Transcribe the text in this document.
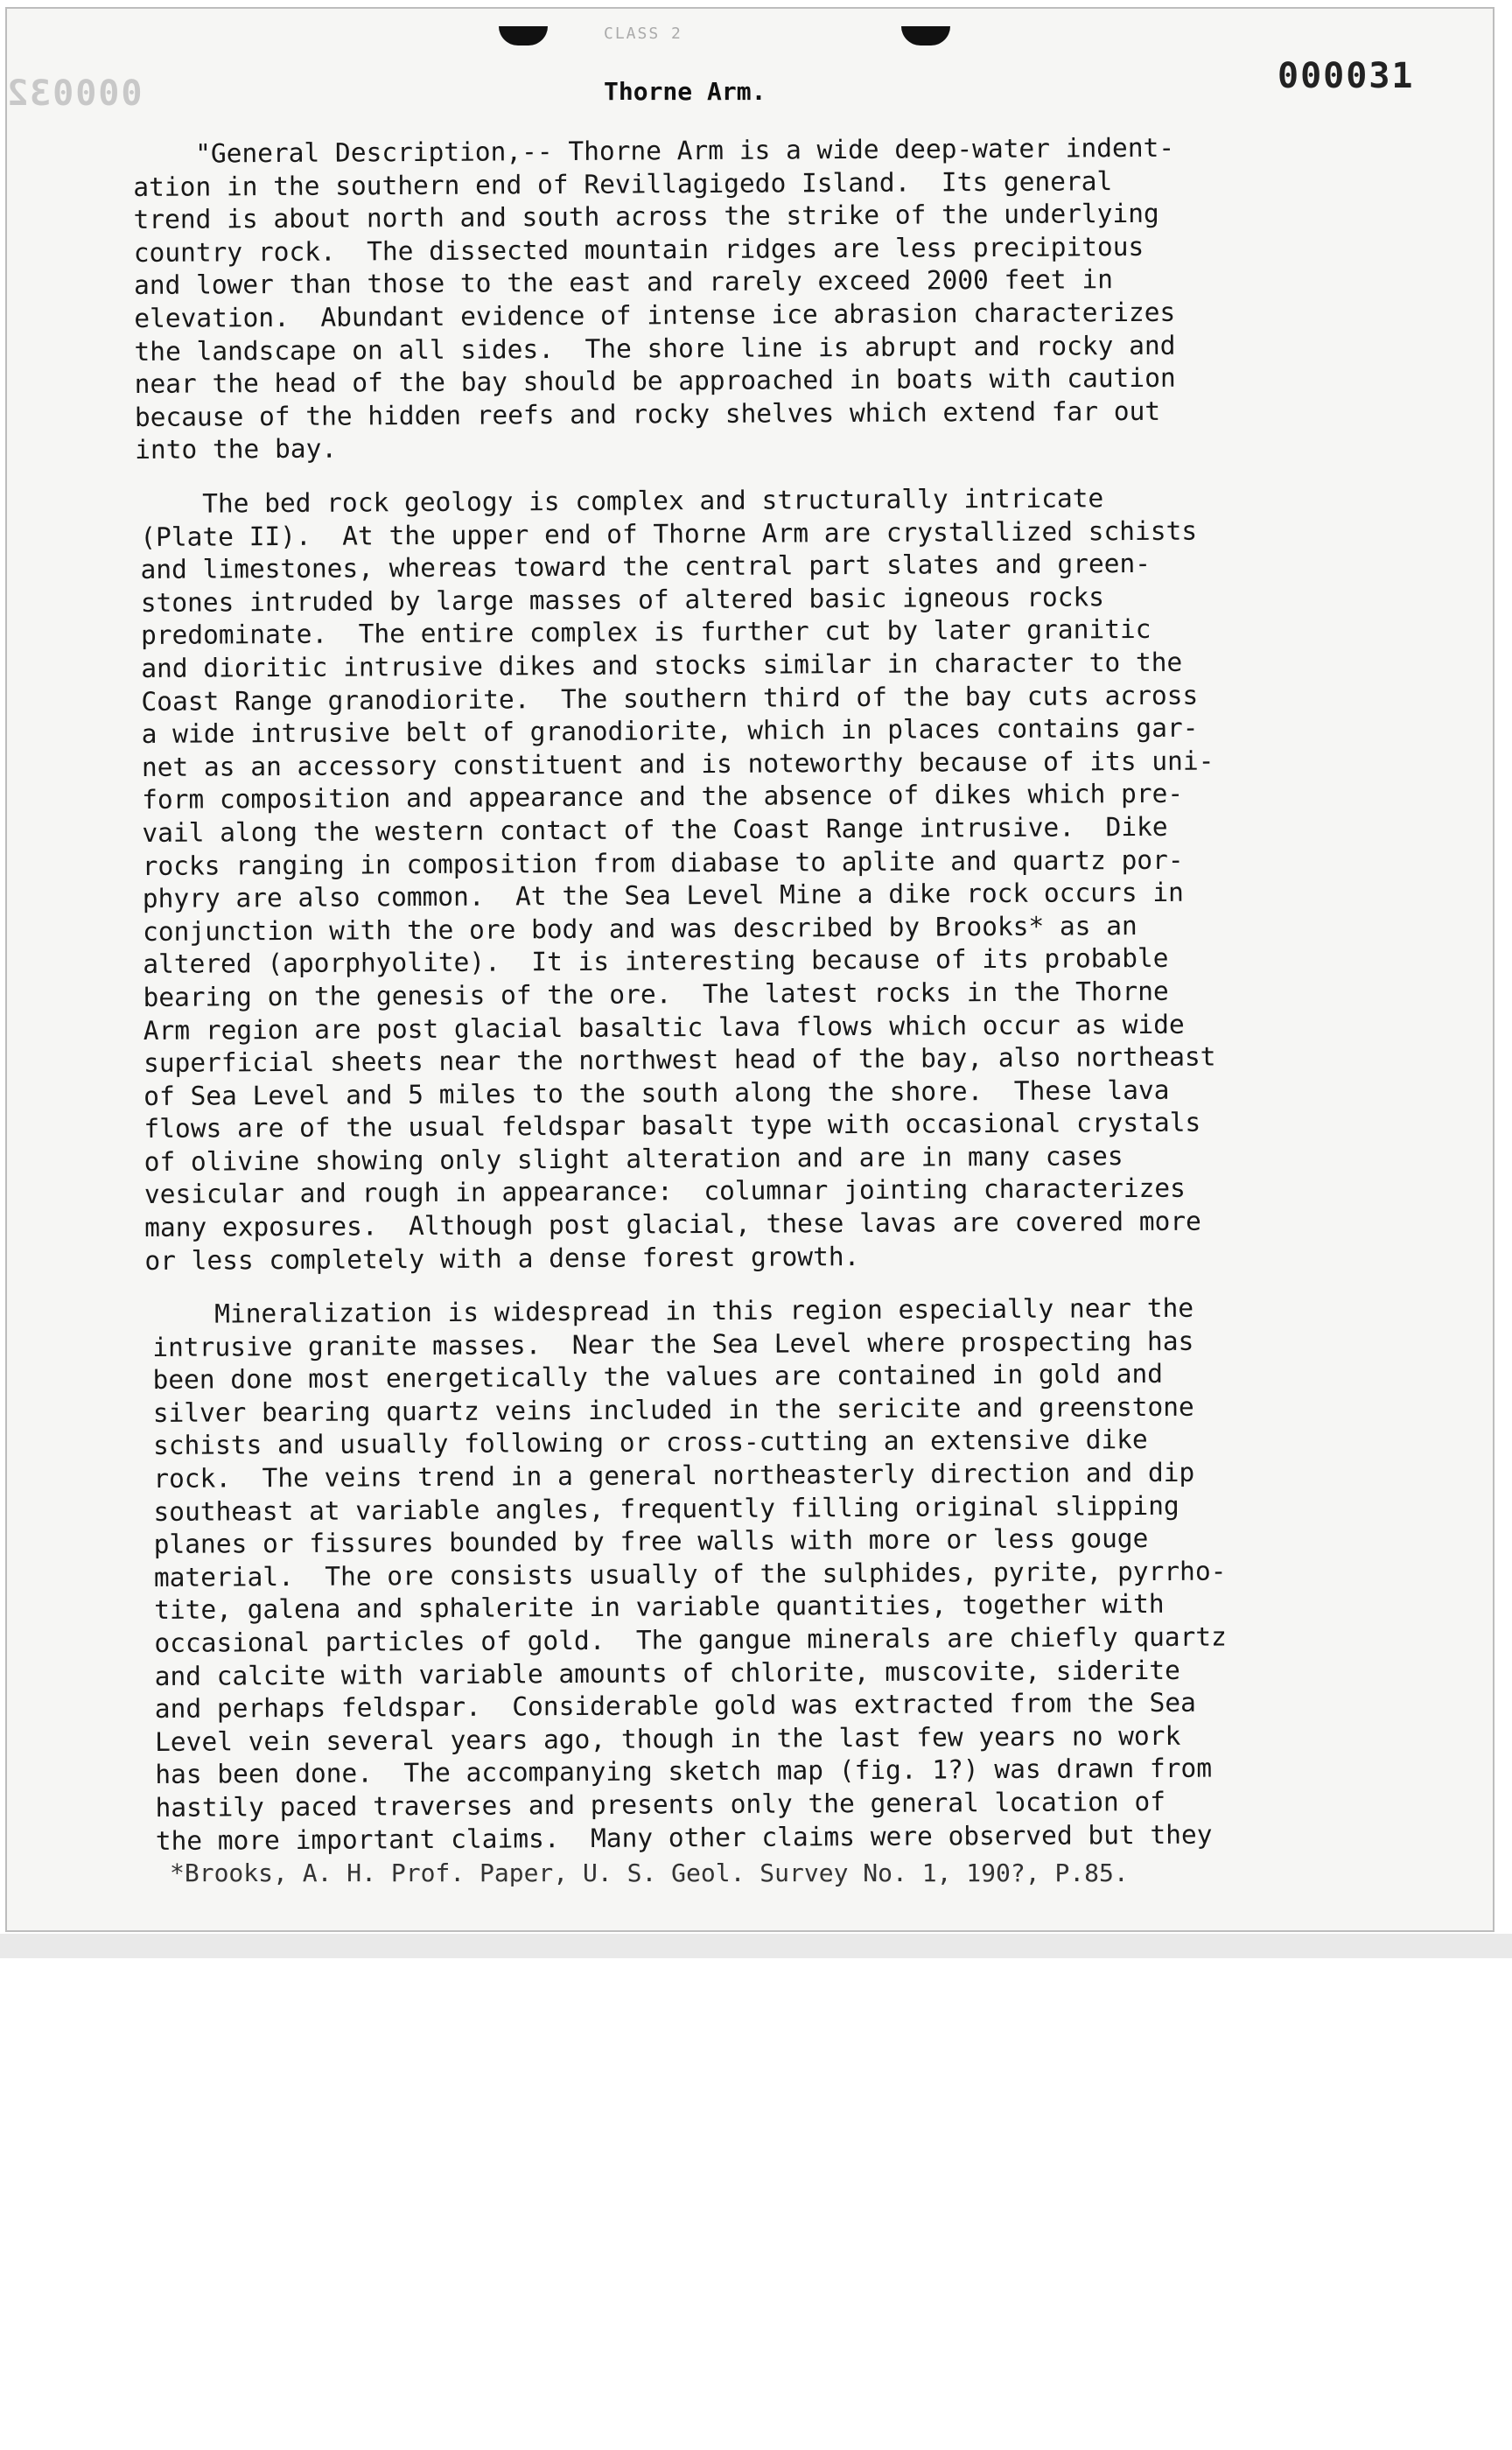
CLASS 2
000032	000031
Thorne Arm.
"General Description,-- Thorne Arm is a wide deep-water indent-
ation in the southern end of Revillagigedo Island.  Its general
trend is about north and south across the strike of the underlying
country rock.  The dissected mountain ridges are less precipitous
and lower than those to the east and rarely exceed 2000 feet in
elevation.  Abundant evidence of intense ice abrasion characterizes
the landscape on all sides.  The shore line is abrupt and rocky and
near the head of the bay should be approached in boats with caution
because of the hidden reefs and rocky shelves which extend far out
into the bay.
The bed rock geology is complex and structurally intricate
(Plate II).  At the upper end of Thorne Arm are crystallized schists
and limestones, whereas toward the central part slates and green-
stones intruded by large masses of altered basic igneous rocks
predominate.  The entire complex is further cut by later granitic
and dioritic intrusive dikes and stocks similar in character to the
Coast Range granodiorite.  The southern third of the bay cuts across
a wide intrusive belt of granodiorite, which in places contains gar-
net as an accessory constituent and is noteworthy because of its uni-
form composition and appearance and the absence of dikes which pre-
vail along the western contact of the Coast Range intrusive.  Dike
rocks ranging in composition from diabase to aplite and quartz por-
phyry are also common.  At the Sea Level Mine a dike rock occurs in
conjunction with the ore body and was described by Brooks* as an
altered (aporphyolite).  It is interesting because of its probable
bearing on the genesis of the ore.  The latest rocks in the Thorne
Arm region are post glacial basaltic lava flows which occur as wide
superficial sheets near the northwest head of the bay, also northeast
of Sea Level and 5 miles to the south along the shore.  These lava
flows are of the usual feldspar basalt type with occasional crystals
of olivine showing only slight alteration and are in many cases
vesicular and rough in appearance:  columnar jointing characterizes
many exposures.  Although post glacial, these lavas are covered more
or less completely with a dense forest growth.
Mineralization is widespread in this region especially near the
intrusive granite masses.  Near the Sea Level where prospecting has
been done most energetically the values are contained in gold and
silver bearing quartz veins included in the sericite and greenstone
schists and usually following or cross-cutting an extensive dike
rock.  The veins trend in a general northeasterly direction and dip
southeast at variable angles, frequently filling original slipping
planes or fissures bounded by free walls with more or less gouge
material.  The ore consists usually of the sulphides, pyrite, pyrrho-
tite, galena and sphalerite in variable quantities, together with
occasional particles of gold.  The gangue minerals are chiefly quartz
and calcite with variable amounts of chlorite, muscovite, siderite
and perhaps feldspar.  Considerable gold was extracted from the Sea
Level vein several years ago, though in the last few years no work
has been done.  The accompanying sketch map (fig. 1?) was drawn from
hastily paced traverses and presents only the general location of
the more important claims.  Many other claims were observed but they
*Brooks, A. H. Prof. Paper, U. S. Geol. Survey No. 1, 190?, P.85.
